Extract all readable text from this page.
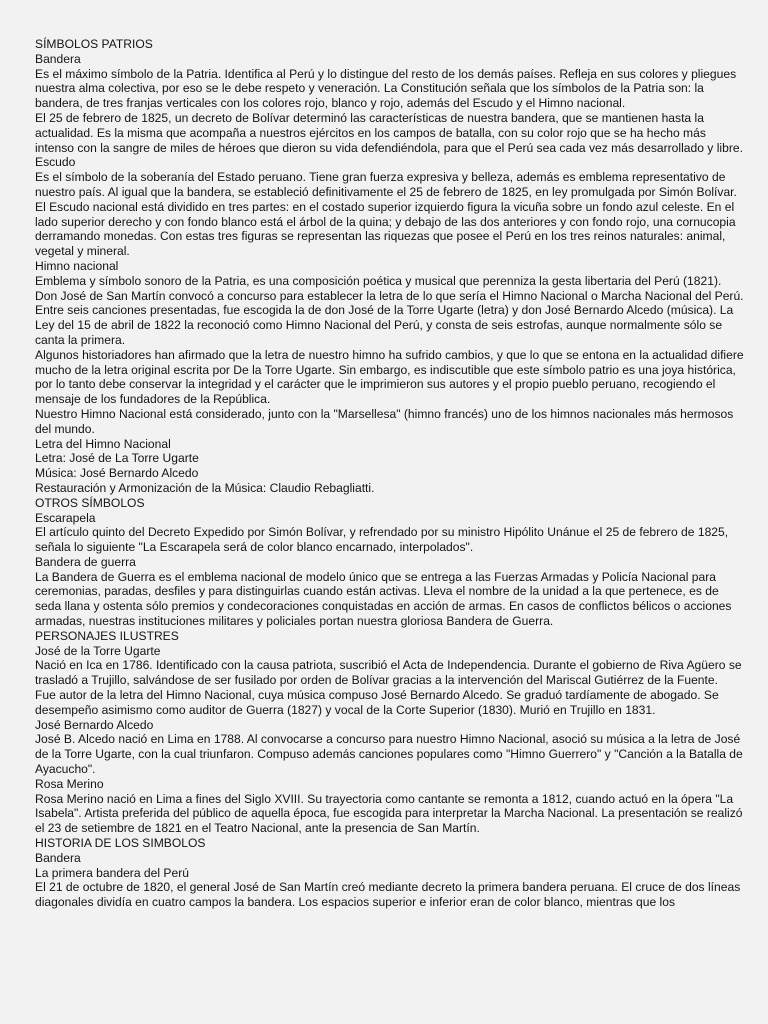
SÍMBOLOS PATRIOS

Bandera

Es el máximo símbolo de la Patria. Identifica al Perú y lo distingue del resto de los demás países. Refleja en sus colores y pliegues nuestra alma colectiva, por eso se le debe respeto y veneración. La Constitución señala que los símbolos de la Patria son: la bandera, de tres franjas verticales con los colores rojo, blanco y rojo, además del Escudo y el Himno nacional.

El 25 de febrero de 1825, un decreto de Bolívar determinó las características de nuestra bandera, que se mantienen hasta la actualidad. Es la misma que acompaña a nuestros ejércitos en los campos de batalla, con su color rojo que se ha hecho más intenso con la sangre de miles de héroes que dieron su vida defendiéndola, para que el Perú sea cada vez más desarrollado y libre.

Escudo

Es el símbolo de la soberanía del Estado peruano. Tiene gran fuerza expresiva y belleza, además es emblema representativo de nuestro país. Al igual que la bandera, se estableció definitivamente el 25 de febrero de 1825, en ley promulgada por Simón Bolívar. El Escudo nacional está dividido en tres partes: en el costado superior izquierdo figura la vicuña sobre un fondo azul celeste. En el lado superior derecho y con fondo blanco está el árbol de la quina; y debajo de las dos anteriores y con fondo rojo, una cornucopia derramando monedas. Con estas tres figuras se representan las riquezas que posee el Perú en los tres reinos naturales: animal, vegetal y mineral.

Himno nacional

Emblema y símbolo sonoro de la Patria, es una composición poética y musical que perenniza la gesta libertaria del Perú (1821). Don José de San Martín convocó a concurso para establecer la letra de lo que sería el Himno Nacional o Marcha Nacional del Perú.

Entre seis canciones presentadas, fue escogida la de don José de la Torre Ugarte (letra) y don José Bernardo Alcedo (música). La Ley del 15 de abril de 1822 la reconoció como Himno Nacional del Perú, y consta de seis estrofas, aunque normalmente sólo se canta la primera.

Algunos historiadores han afirmado que la letra de nuestro himno ha sufrido cambios, y que lo que se entona en la actualidad difiere mucho de la letra original escrita por De la Torre Ugarte. Sin embargo, es indiscutible que este símbolo patrio es una joya histórica, por lo tanto debe conservar la integridad y el carácter que le imprimieron sus autores y el propio pueblo peruano, recogiendo el mensaje de los fundadores de la República.

Nuestro Himno Nacional está considerado, junto con la "Marsellesa" (himno francés) uno de los himnos nacionales más hermosos del mundo.

Letra del Himno Nacional

Letra: José de La Torre Ugarte

Música: José Bernardo Alcedo

Restauración y Armonización de la Música: Claudio Rebagliatti.

OTROS SÍMBOLOS

Escarapela

El artículo quinto del Decreto Expedido por Simón Bolívar, y refrendado por su ministro Hipólito Unánue el 25 de febrero de 1825, señala lo siguiente "La Escarapela será de color blanco encarnado, interpolados".

Bandera de guerra

La Bandera de Guerra es el emblema nacional de modelo único que se entrega a las Fuerzas Armadas y Policía Nacional para ceremonias, paradas, desfiles y para distinguirlas cuando están activas. Lleva el nombre de la unidad a la que pertenece, es de seda llana y ostenta sólo premios y condecoraciones conquistadas en acción de armas. En casos de conflictos bélicos o acciones armadas, nuestras instituciones militares y policiales portan nuestra gloriosa Bandera de Guerra.

PERSONAJES ILUSTRES

José de la Torre Ugarte

Nació en Ica en 1786. Identificado con la causa patriota, suscribió el Acta de Independencia. Durante el gobierno de Riva Agüero se trasladó a Trujillo, salvándose de ser fusilado por orden de Bolívar gracias a la intervención del Mariscal Gutiérrez de la Fuente.

Fue autor de la letra del Himno Nacional, cuya música compuso José Bernardo Alcedo. Se graduó tardíamente de abogado. Se desempeño asimismo como auditor de Guerra (1827) y vocal de la Corte Superior (1830). Murió en Trujillo en 1831.

José Bernardo Alcedo

José B. Alcedo nació en Lima en 1788. Al convocarse a concurso para nuestro Himno Nacional, asoció su música a la letra de José de la Torre Ugarte, con la cual triunfaron. Compuso además canciones populares como "Himno Guerrero" y "Canción a la Batalla de Ayacucho".

Rosa Merino

Rosa Merino nació en Lima a fines del Siglo XVIII. Su trayectoria como cantante se remonta a 1812, cuando actuó en la ópera "La Isabela". Artista preferida del público de aquella época, fue escogida para interpretar la Marcha Nacional. La presentación se realizó el 23 de setiembre de 1821 en el Teatro Nacional, ante la presencia de San Martín.

HISTORIA DE LOS SIMBOLOS

Bandera

La primera bandera del Perú

El 21 de octubre de 1820, el general José de San Martín creó mediante decreto la primera bandera peruana. El cruce de dos líneas diagonales dividía en cuatro campos la bandera. Los espacios superior e inferior eran de color blanco, mientras que los
